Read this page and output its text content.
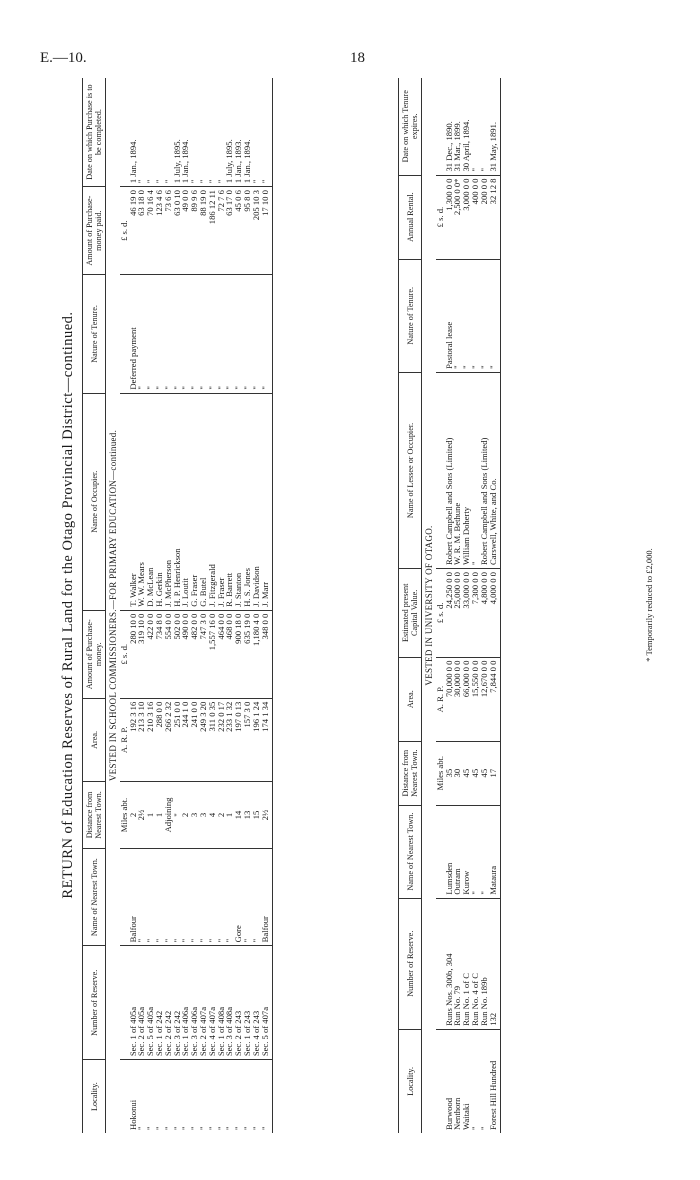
E.—10.	18
RETURN of Education Reserves of Rural Land for the Otago Provincial District—continued.
Locality.	Number of Reserve.	Name of Nearest Town.	Distance from Nearest Town.	Area.	Amount of Purchase-money.	Name of Occupier.	Nature of Tenure.	Amount of Purchase-money paid.	Date on which Purchase is to be completed.
VESTED IN SCHOOL COMMISSIONERS.—FOR PRIMARY EDUCATION—continued.									
			Miles abt.	A. R. P.	£ s. d.			£ s. d.	
Hokonui	Sec. 1 of 405a	Balfour	2	192 3 16	280 10 0	T. Walker	Deferred payment	46 19 0	1 Jan., 1894.
"	Sec. 2 of 405a	"	2½	213 3 10	319 10 0	W. W. Mears	"	63 18 0	"
"	Sec. 5 of 405a	"	1	210 3 16	422 0 0	D. McLean	"	70 16 4	"
"	Sec. 1 of 242	"	1	288 0 0	734 8 0	H. Gerkin	"	123 4 6	"
"	Sec. 2 of 242	"	Adjoining	266 2 32	554 0 0	J. McPherson	"	73 6 6	"
"	Sec. 3 of 242	"	"	251 0 0	502 0 0	H. P. Henrickson	"	63 0 10	1 July, 1895.
"	Sec. 1 of 406a	"	2	244 1 0	490 0 0	J. Loutit	"	49 0 0	1 Jan., 1894.
"	Sec. 3 of 406a	"	3	241 0 0	482 0 0	G. Fraser	"	89 9 6	"
"	Sec. 2 of 407a	"	3	249 3 20	747 3 0	G. Butel	"	88 19 0	"
"	Sec. 4 of 407a	"	4	311 0 35	1,557 16 0	J. Fitzgerald	"	186 12 11	"
"	Sec. 1 of 408a	"	2	232 0 17	464 0 0	J. Fraser	"	72 7 6	"
"	Sec. 3 of 408a	"	1	233 1 32	468 0 0	R. Barrett	"	63 17 0	1 July, 1895.
"	Sec. 2 of 243	Gore	14	197 0 13	900 18 0	J. Stanton	"	45 0 6	1 Jan., 1893.
"	Sec. 1 of 243	"	13	157 3 0	635 19 0	H. S. Jones	"	95 8 0	1 Jan., 1894.
"	Sec. 4 of 243	"	15	196 1 24	1,180 4 0	J. Davidson	"	205 10 3	"
"	Sec. 5 of 407a	Balfour	2½	174 1 34	348 0 0	J. Marr	"	17 10 0	"
Locality.	Number of Reserve.	Name of Nearest Town.	Distance from Nearest Town.	Area.	Estimated present Capital Value.	Name of Lessee or Occupier.	Nature of Tenure.	Annual Rental.	Date on which Tenure expires.
VESTED IN UNIVERSITY OF OTAGO.									
			Miles abt.	A. R. P.	£ s. d.			£ s. d.	
Burwood	Runs Nos. 300b, 304	Lumsden	35	70,000 0 0	24,250 0 0	Robert Campbell and Sons (Limited)	Pastoral lease	1,300 0 0	31 Dec., 1890.
Nenthorn	Run No. 79	Outram	30	30,000 0 0	25,000 0 0	W. R. M. Bethune	"	2,500 0 0*	31 Mar., 1899.
Waitaki	Run No. 1 of C	Kurow	45	66,000 0 0	33,000 0 0	William Doherty	"	3,000 0 0	30 April, 1894.
"	Run No. 4 of C	"	45	15,550 0 0	7,300 0 0	"	"	400 0 0	"
"	Run No. 189b	"	45	12,670 0 0	4,800 0 0	Robert Campbell and Sons (Limited)	"	200 0 0	"
Forest Hill Hundred	132	Mataura	17	7,844 0 0	4,000 0 0	Carswell, White, and Co.	"	32 12 8	31 May, 1891.
* Temporarily reduced to £2,000.
